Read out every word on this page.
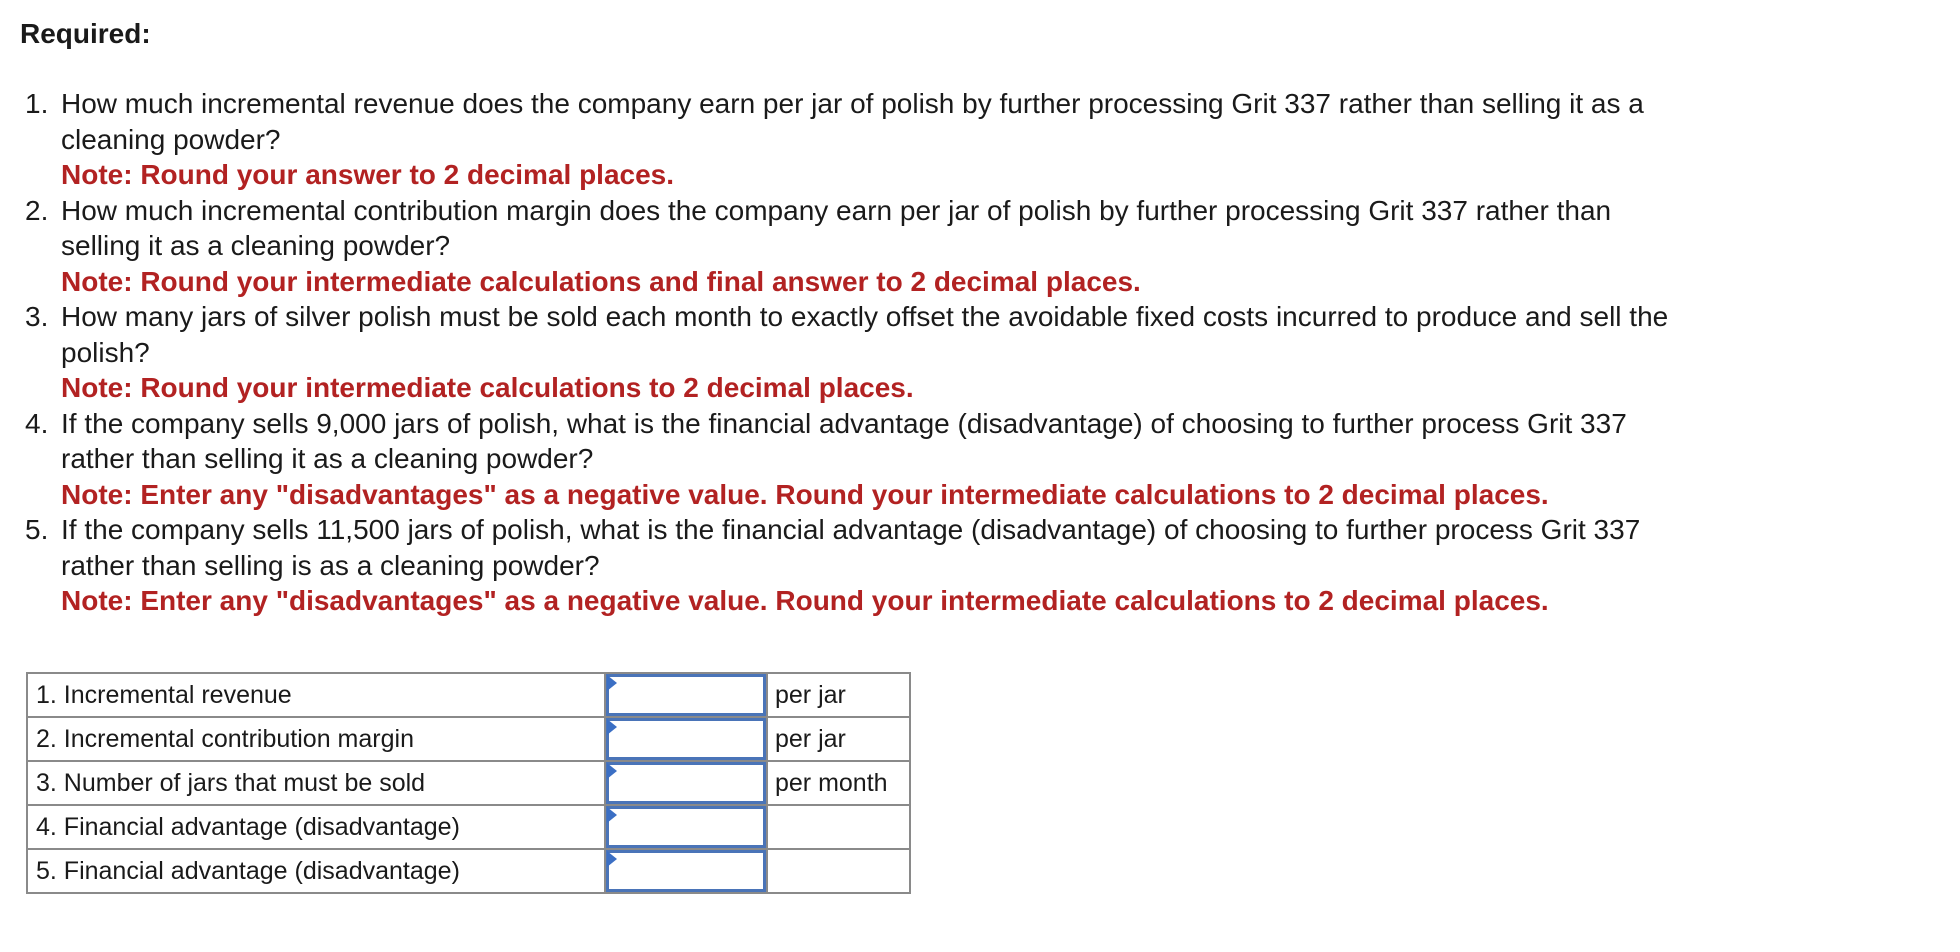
Required:
1. How much incremental revenue does the company earn per jar of polish by further processing Grit 337 rather than selling it as a
cleaning powder?
Note: Round your answer to 2 decimal places.
2. How much incremental contribution margin does the company earn per jar of polish by further processing Grit 337 rather than
selling it as a cleaning powder?
Note: Round your intermediate calculations and final answer to 2 decimal places.
3. How many jars of silver polish must be sold each month to exactly offset the avoidable fixed costs incurred to produce and sell the
polish?
Note: Round your intermediate calculations to 2 decimal places.
4. If the company sells 9,000 jars of polish, what is the financial advantage (disadvantage) of choosing to further process Grit 337
rather than selling it as a cleaning powder?
Note: Enter any "disadvantages" as a negative value. Round your intermediate calculations to 2 decimal places.
5. If the company sells 11,500 jars of polish, what is the financial advantage (disadvantage) of choosing to further process Grit 337
rather than selling is as a cleaning powder?
Note: Enter any "disadvantages" as a negative value. Round your intermediate calculations to 2 decimal places.
1. Incremental revenue		per jar
2. Incremental contribution margin		per jar
3. Number of jars that must be sold		per month
4. Financial advantage (disadvantage)	

5. Financial advantage (disadvantage)	
